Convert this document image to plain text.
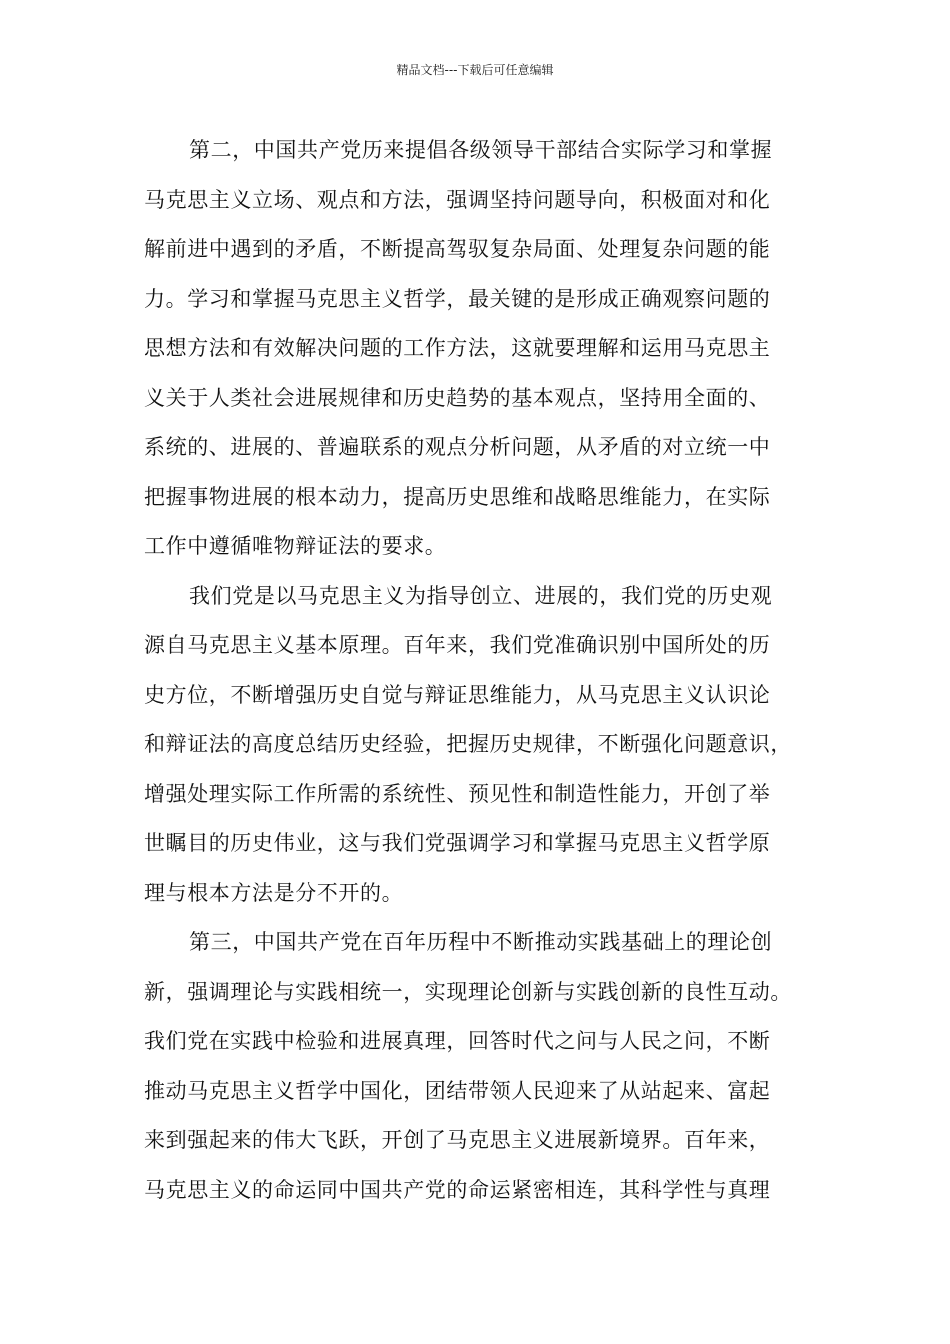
精品文档---下载后可任意编辑
第二，中国共产党历来提倡各级领导干部结合实际学习和掌握
马克思主义立场、观点和方法，强调坚持问题导向，积极面对和化
解前进中遇到的矛盾，不断提高驾驭复杂局面、处理复杂问题的能
力。学习和掌握马克思主义哲学，最关键的是形成正确观察问题的
思想方法和有效解决问题的工作方法，这就要理解和运用马克思主
义关于人类社会进展规律和历史趋势的基本观点，坚持用全面的、
系统的、进展的、普遍联系的观点分析问题，从矛盾的对立统一中
把握事物进展的根本动力，提高历史思维和战略思维能力，在实际
工作中遵循唯物辩证法的要求。
我们党是以马克思主义为指导创立、进展的，我们党的历史观
源自马克思主义基本原理。百年来，我们党准确识别中国所处的历
史方位，不断增强历史自觉与辩证思维能力，从马克思主义认识论
和辩证法的高度总结历史经验，把握历史规律，不断强化问题意识，
增强处理实际工作所需的系统性、预见性和制造性能力，开创了举
世瞩目的历史伟业，这与我们党强调学习和掌握马克思主义哲学原
理与根本方法是分不开的。
第三，中国共产党在百年历程中不断推动实践基础上的理论创
新，强调理论与实践相统一，实现理论创新与实践创新的良性互动。
我们党在实践中检验和进展真理，回答时代之问与人民之问，不断
推动马克思主义哲学中国化，团结带领人民迎来了从站起来、富起
来到强起来的伟大飞跃，开创了马克思主义进展新境界。百年来，
马克思主义的命运同中国共产党的命运紧密相连，其科学性与真理
